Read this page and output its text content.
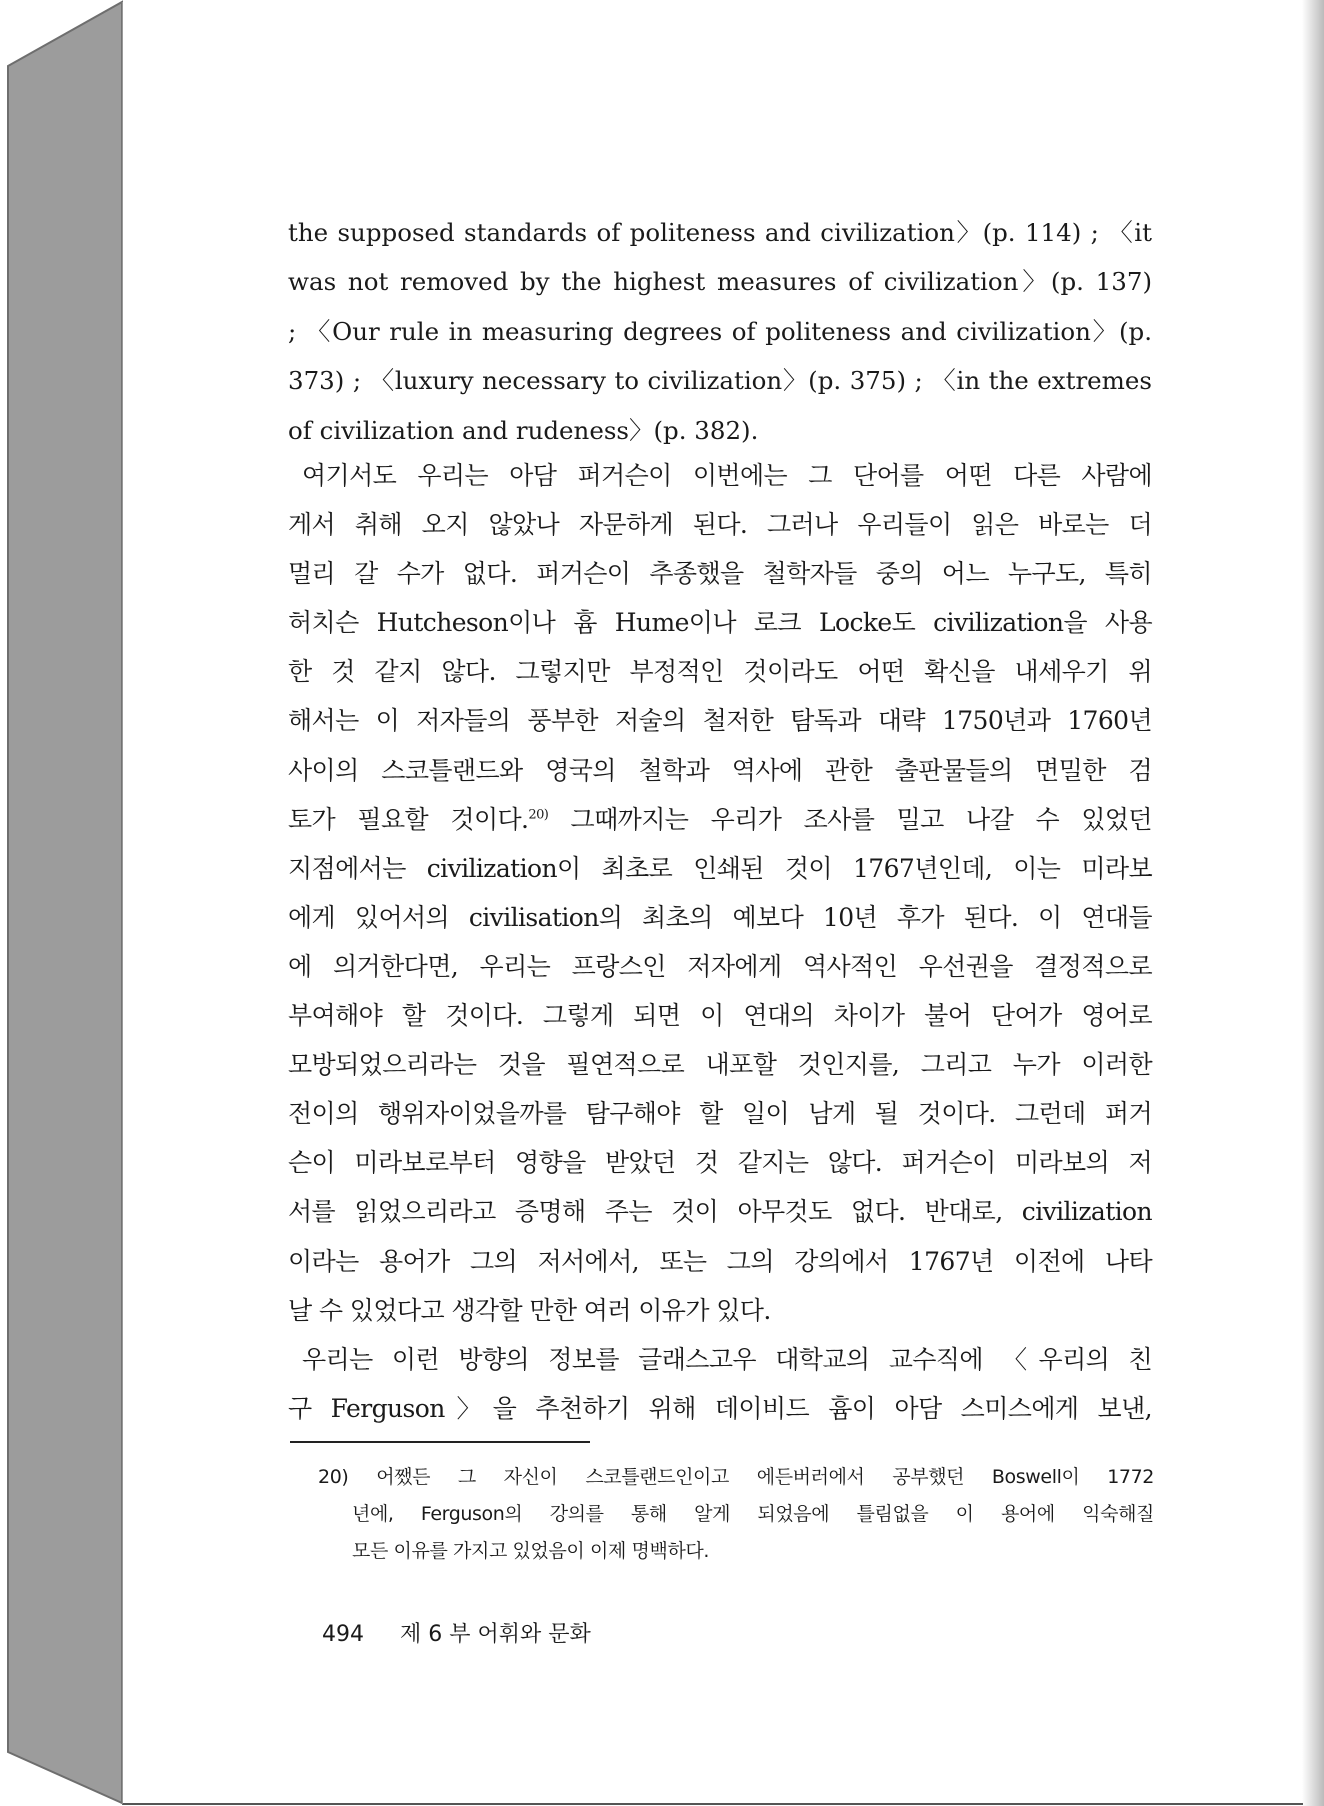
the supposed standards of politeness and civilization〉(p. 114) ; 〈it
was not removed by the highest measures of civilization〉(p. 137)
; 〈Our rule in measuring degrees of politeness and civilization〉(p.
373) ; 〈luxury necessary to civilization〉(p. 375) ; 〈in the extremes
of civilization and rudeness〉(p. 382).
여기서도 우리는 아담 퍼거슨이 이번에는 그 단어를 어떤 다른 사람에
게서 취해 오지 않았나 자문하게 된다. 그러나 우리들이 읽은 바로는 더
멀리 갈 수가 없다. 퍼거슨이 추종했을 철학자들 중의 어느 누구도, 특히
허치슨 Hutcheson이나 흄 Hume이나 로크 Locke도 civilization을 사용
한 것 같지 않다. 그렇지만 부정적인 것이라도 어떤 확신을 내세우기 위
해서는 이 저자들의 풍부한 저술의 철저한 탐독과 대략 1750년과 1760년
사이의 스코틀랜드와 영국의 철학과 역사에 관한 출판물들의 면밀한 검
토가 필요할 것이다.$^{20)}$ 그때까지는 우리가 조사를 밀고 나갈 수 있었던
지점에서는 civilization이 최초로 인쇄된 것이 1767년인데, 이는 미라보
에게 있어서의 civilisation의 최초의 예보다 10년 후가 된다. 이 연대들
에 의거한다면, 우리는 프랑스인 저자에게 역사적인 우선권을 결정적으로
부여해야 할 것이다. 그렇게 되면 이 연대의 차이가 불어 단어가 영어로
모방되었으리라는 것을 필연적으로 내포할 것인지를, 그리고 누가 이러한
전이의 행위자이었을까를 탐구해야 할 일이 남게 될 것이다. 그런데 퍼거
슨이 미라보로부터 영향을 받았던 것 같지는 않다. 퍼거슨이 미라보의 저
서를 읽었으리라고 증명해 주는 것이 아무것도 없다. 반대로, civilization
이라는 용어가 그의 저서에서, 또는 그의 강의에서 1767년 이전에 나타
날 수 있었다고 생각할 만한 여러 이유가 있다.
우리는 이런 방향의 정보를 글래스고우 대학교의 교수직에 〈우리의 친
구 Ferguson〉을 추천하기 위해 데이비드 흄이 아담 스미스에게 보낸,
20) 어쨌든 그 자신이 스코틀랜드인이고 에든버러에서 공부했던 Boswell이 1772
년에, Ferguson의 강의를 통해 알게 되었음에 틀림없을 이 용어에 익숙해질
모든 이유를 가지고 있었음이 이제 명백하다.
494 제 6 부 어휘와 문화
